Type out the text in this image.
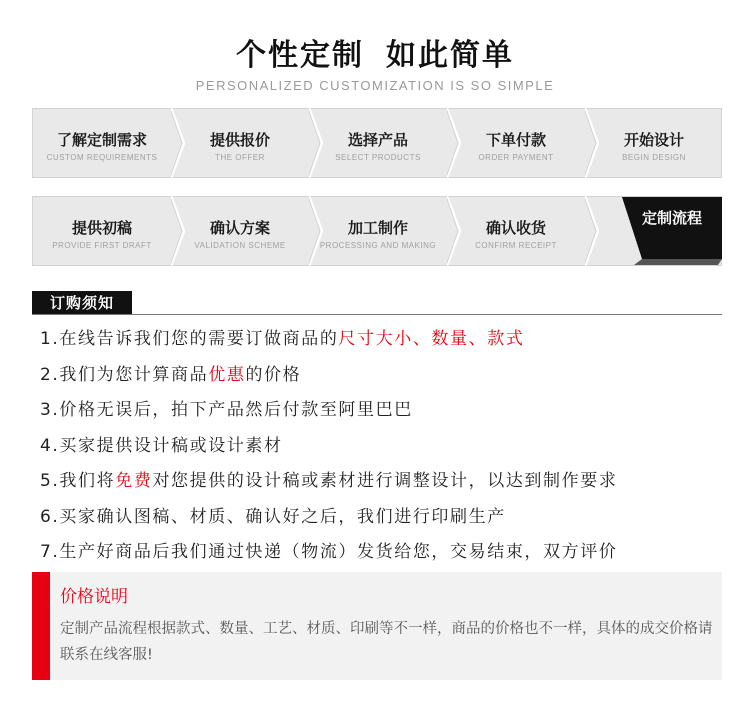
个性定制 如此简单
PERSONALIZED CUSTOMIZATION IS SO SIMPLE
了解定制需求
CUSTOM REQUIREMENTS
提供报价
THE OFFER
选择产品
SELECT PRODUCTS
下单付款
ORDER PAYMENT
开始设计
BEGIN DESIGN
提供初稿
PROVIDE FIRST DRAFT
确认方案
VALIDATION SCHEME
加工制作
PROCESSING AND MAKING
确认收货
CONFIRM RECEIPT
定制流程
订购须知
1.在线告诉我们您的需要订做商品的尺寸大小、数量、款式
2.我们为您计算商品优惠的价格
3.价格无误后，拍下产品然后付款至阿里巴巴
4.买家提供设计稿或设计素材
5.我们将免费对您提供的设计稿或素材进行调整设计，以达到制作要求
6.买家确认图稿、材质、确认好之后，我们进行印刷生产
7.生产好商品后我们通过快递（物流）发货给您，交易结束，双方评价
价格说明
定制产品流程根据款式、数量、工艺、材质、印刷等不一样，商品的价格也不一样，具体的成交价格请联系在线客服!
